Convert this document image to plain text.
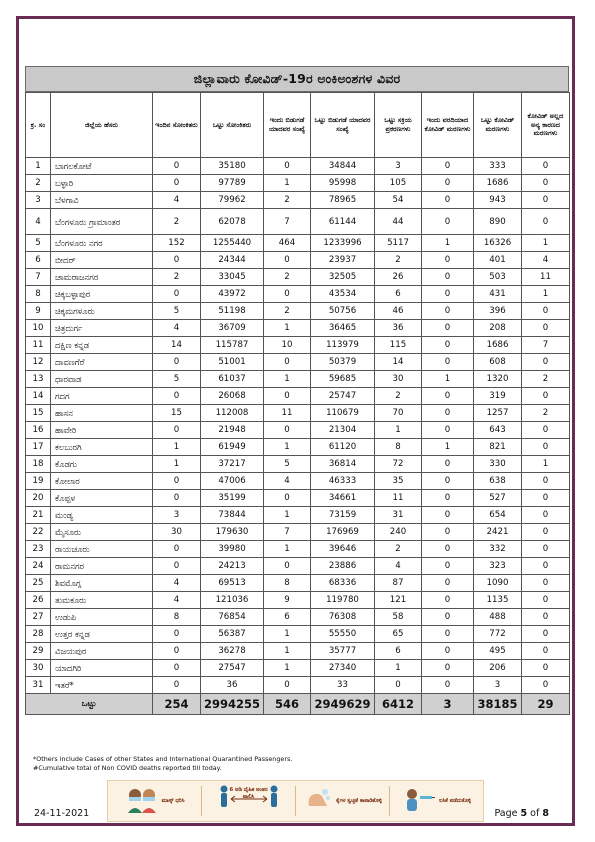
ಜಿಲ್ಲಾವಾರು ಕೋವಿಡ್-19ರ ಅಂಕಿಅಂಶಗಳ ವಿವರ
ಕ್ರ. ಸಂ	ಜಿಲ್ಲೆಯ ಹೆಸರು	ಇಂದಿನ ಸೋಂಕಿತರು	ಒಟ್ಟು ಸೋಂಕಿತರು	ಇಂದು ಬಿಡುಗಡೆ ಯಾದವರ ಸಂಖ್ಯೆ	ಒಟ್ಟು ಬಿಡುಗಡೆ ಯಾದವರ ಸಂಖ್ಯೆ	ಒಟ್ಟು ಸಕ್ರಿಯ ಪ್ರಕರಣಗಳು	ಇಂದು ವರದಿಯಾದ ಕೋವಿಡ್ ಮರಣಗಳು	ಒಟ್ಟು ಕೋವಿಡ್ ಮರಣಗಳು	ಕೋವಿಡ್ ಅಲ್ಲದ ಅನ್ಯ ಕಾರಣದ ಮರಣಗಳು
1	ಬಾಗಲಕೋಟೆ	0	35180	0	34844	3	0	333	0
2	ಬಳ್ಳಾರಿ	0	97789	1	95998	105	0	1686	0
3	ಬೆಳಗಾವಿ	4	79962	2	78965	54	0	943	0
4	ಬೆಂಗಳೂರು ಗ್ರಾಮಾಂತರ	2	62078	7	61144	44	0	890	0
5	ಬೆಂಗಳೂರು ನಗರ	152	1255440	464	1233996	5117	1	16326	1
6	ಬೀದರ್	0	24344	0	23937	2	0	401	4
7	ಚಾಮರಾಜನಗರ	2	33045	2	32505	26	0	503	11
8	ಚಿಕ್ಕಬಳ್ಳಾಪುರ	0	43972	0	43534	6	0	431	1
9	ಚಿಕ್ಕಮಗಳೂರು	5	51198	2	50756	46	0	396	0
10	ಚಿತ್ರದುರ್ಗ	4	36709	1	36465	36	0	208	0
11	ದಕ್ಷಿಣ ಕನ್ನಡ	14	115787	10	113979	115	0	1686	7
12	ದಾವಣಗೆರೆ	0	51001	0	50379	14	0	608	0
13	ಧಾರವಾಡ	5	61037	1	59685	30	1	1320	2
14	ಗದಗ	0	26068	0	25747	2	0	319	0
15	ಹಾಸನ	15	112008	11	110679	70	0	1257	2
16	ಹಾವೇರಿ	0	21948	0	21304	1	0	643	0
17	ಕಲಬುರಗಿ	1	61949	1	61120	8	1	821	0
18	ಕೊಡಗು	1	37217	5	36814	72	0	330	1
19	ಕೋಲಾರ	0	47006	4	46333	35	0	638	0
20	ಕೊಪ್ಪಳ	0	35199	0	34661	11	0	527	0
21	ಮಂಡ್ಯ	3	73844	1	73159	31	0	654	0
22	ಮೈಸೂರು	30	179630	7	176969	240	0	2421	0
23	ರಾಯಚೂರು	0	39980	1	39646	2	0	332	0
24	ರಾಮನಗರ	0	24213	0	23886	4	0	323	0
25	ಶಿವಮೊಗ್ಗ	4	69513	8	68336	87	0	1090	0
26	ತುಮಕೂರು	4	121036	9	119780	121	0	1135	0
27	ಉಡುಪಿ	8	76854	6	76308	58	0	488	0
28	ಉತ್ತರ ಕನ್ನಡ	0	56387	1	55550	65	0	772	0
29	ವಿಜಯಪುರ	0	36278	1	35777	6	0	495	0
30	ಯಾದಗಿರಿ	0	27547	1	27340	1	0	206	0
31	ಇತರೆ*	0	36	0	33	0	0	3	0
ಒಟ್ಟು		254	2994255	546	2949629	6412	3	38185	29
*Others include Cases of other States and International Quarantined Passengers.
#Cumulative total of Non COVID deaths reported till today.
ಮಾಸ್ಕ್ ಧರಿಸಿ
6 ಅಡಿ ದೈಹಿಕ ಅಂತರ ಪಾಲಿಸಿ
ಕೈಗಳ ಸ್ವಚ್ಛತೆ ಕಾಪಾಡಿಕೊಳ್ಳಿ	ಲಸಿಕೆ ಪಡೆದುಕೊಳ್ಳಿ
24-11-2021	Page 5 of 8
